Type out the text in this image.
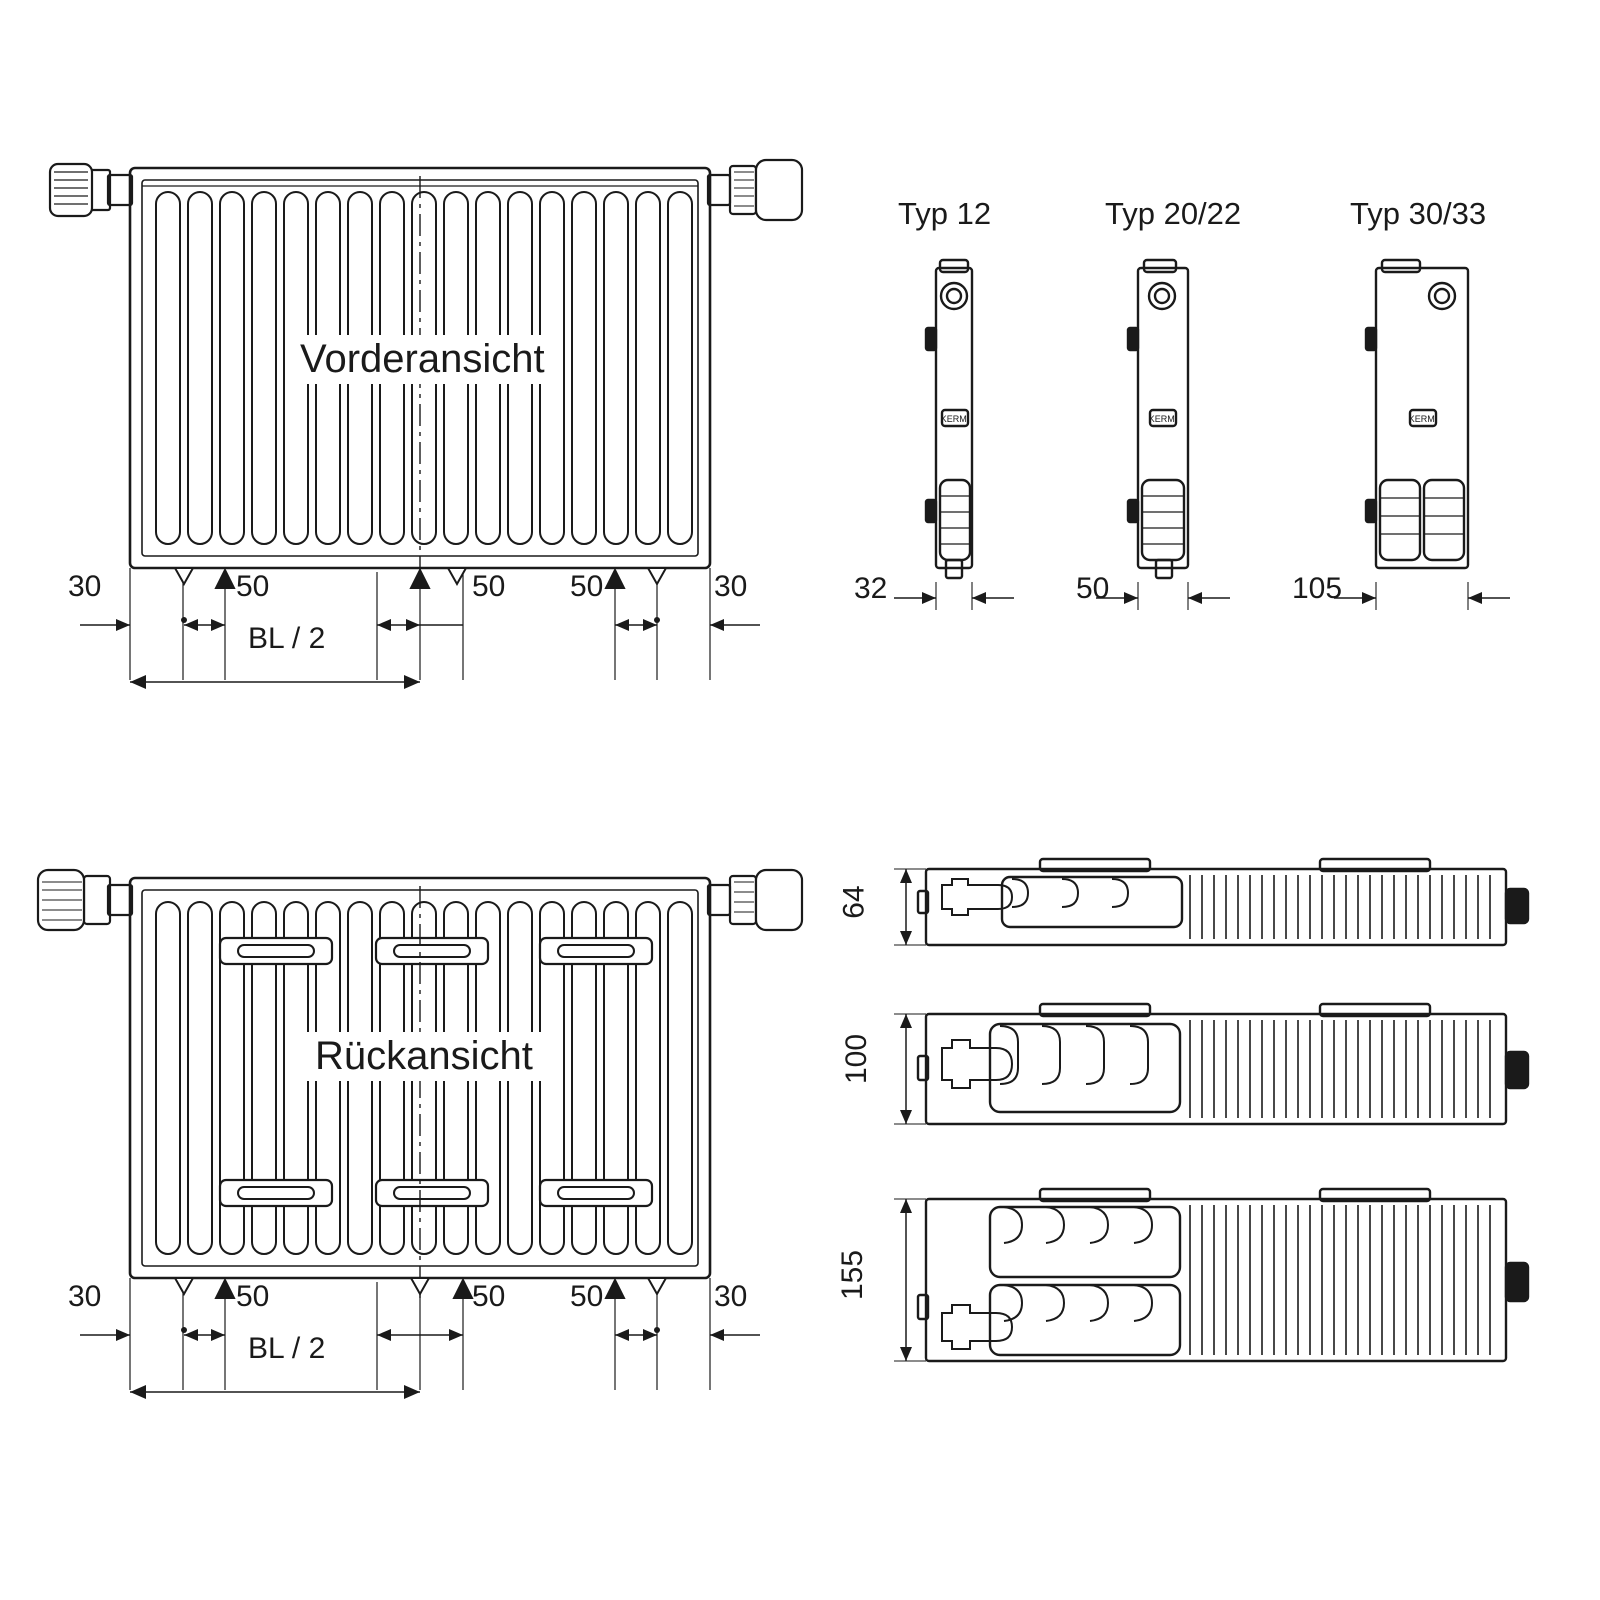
Vorderansicht
30	50	50 50	30
BL / 2
Typ 12
KERMI
32
Typ 20/22
KERMI
50
Typ 30/33
KERMI
105
Rückansicht
30	50	50 50	30
BL / 2
64
100
155
